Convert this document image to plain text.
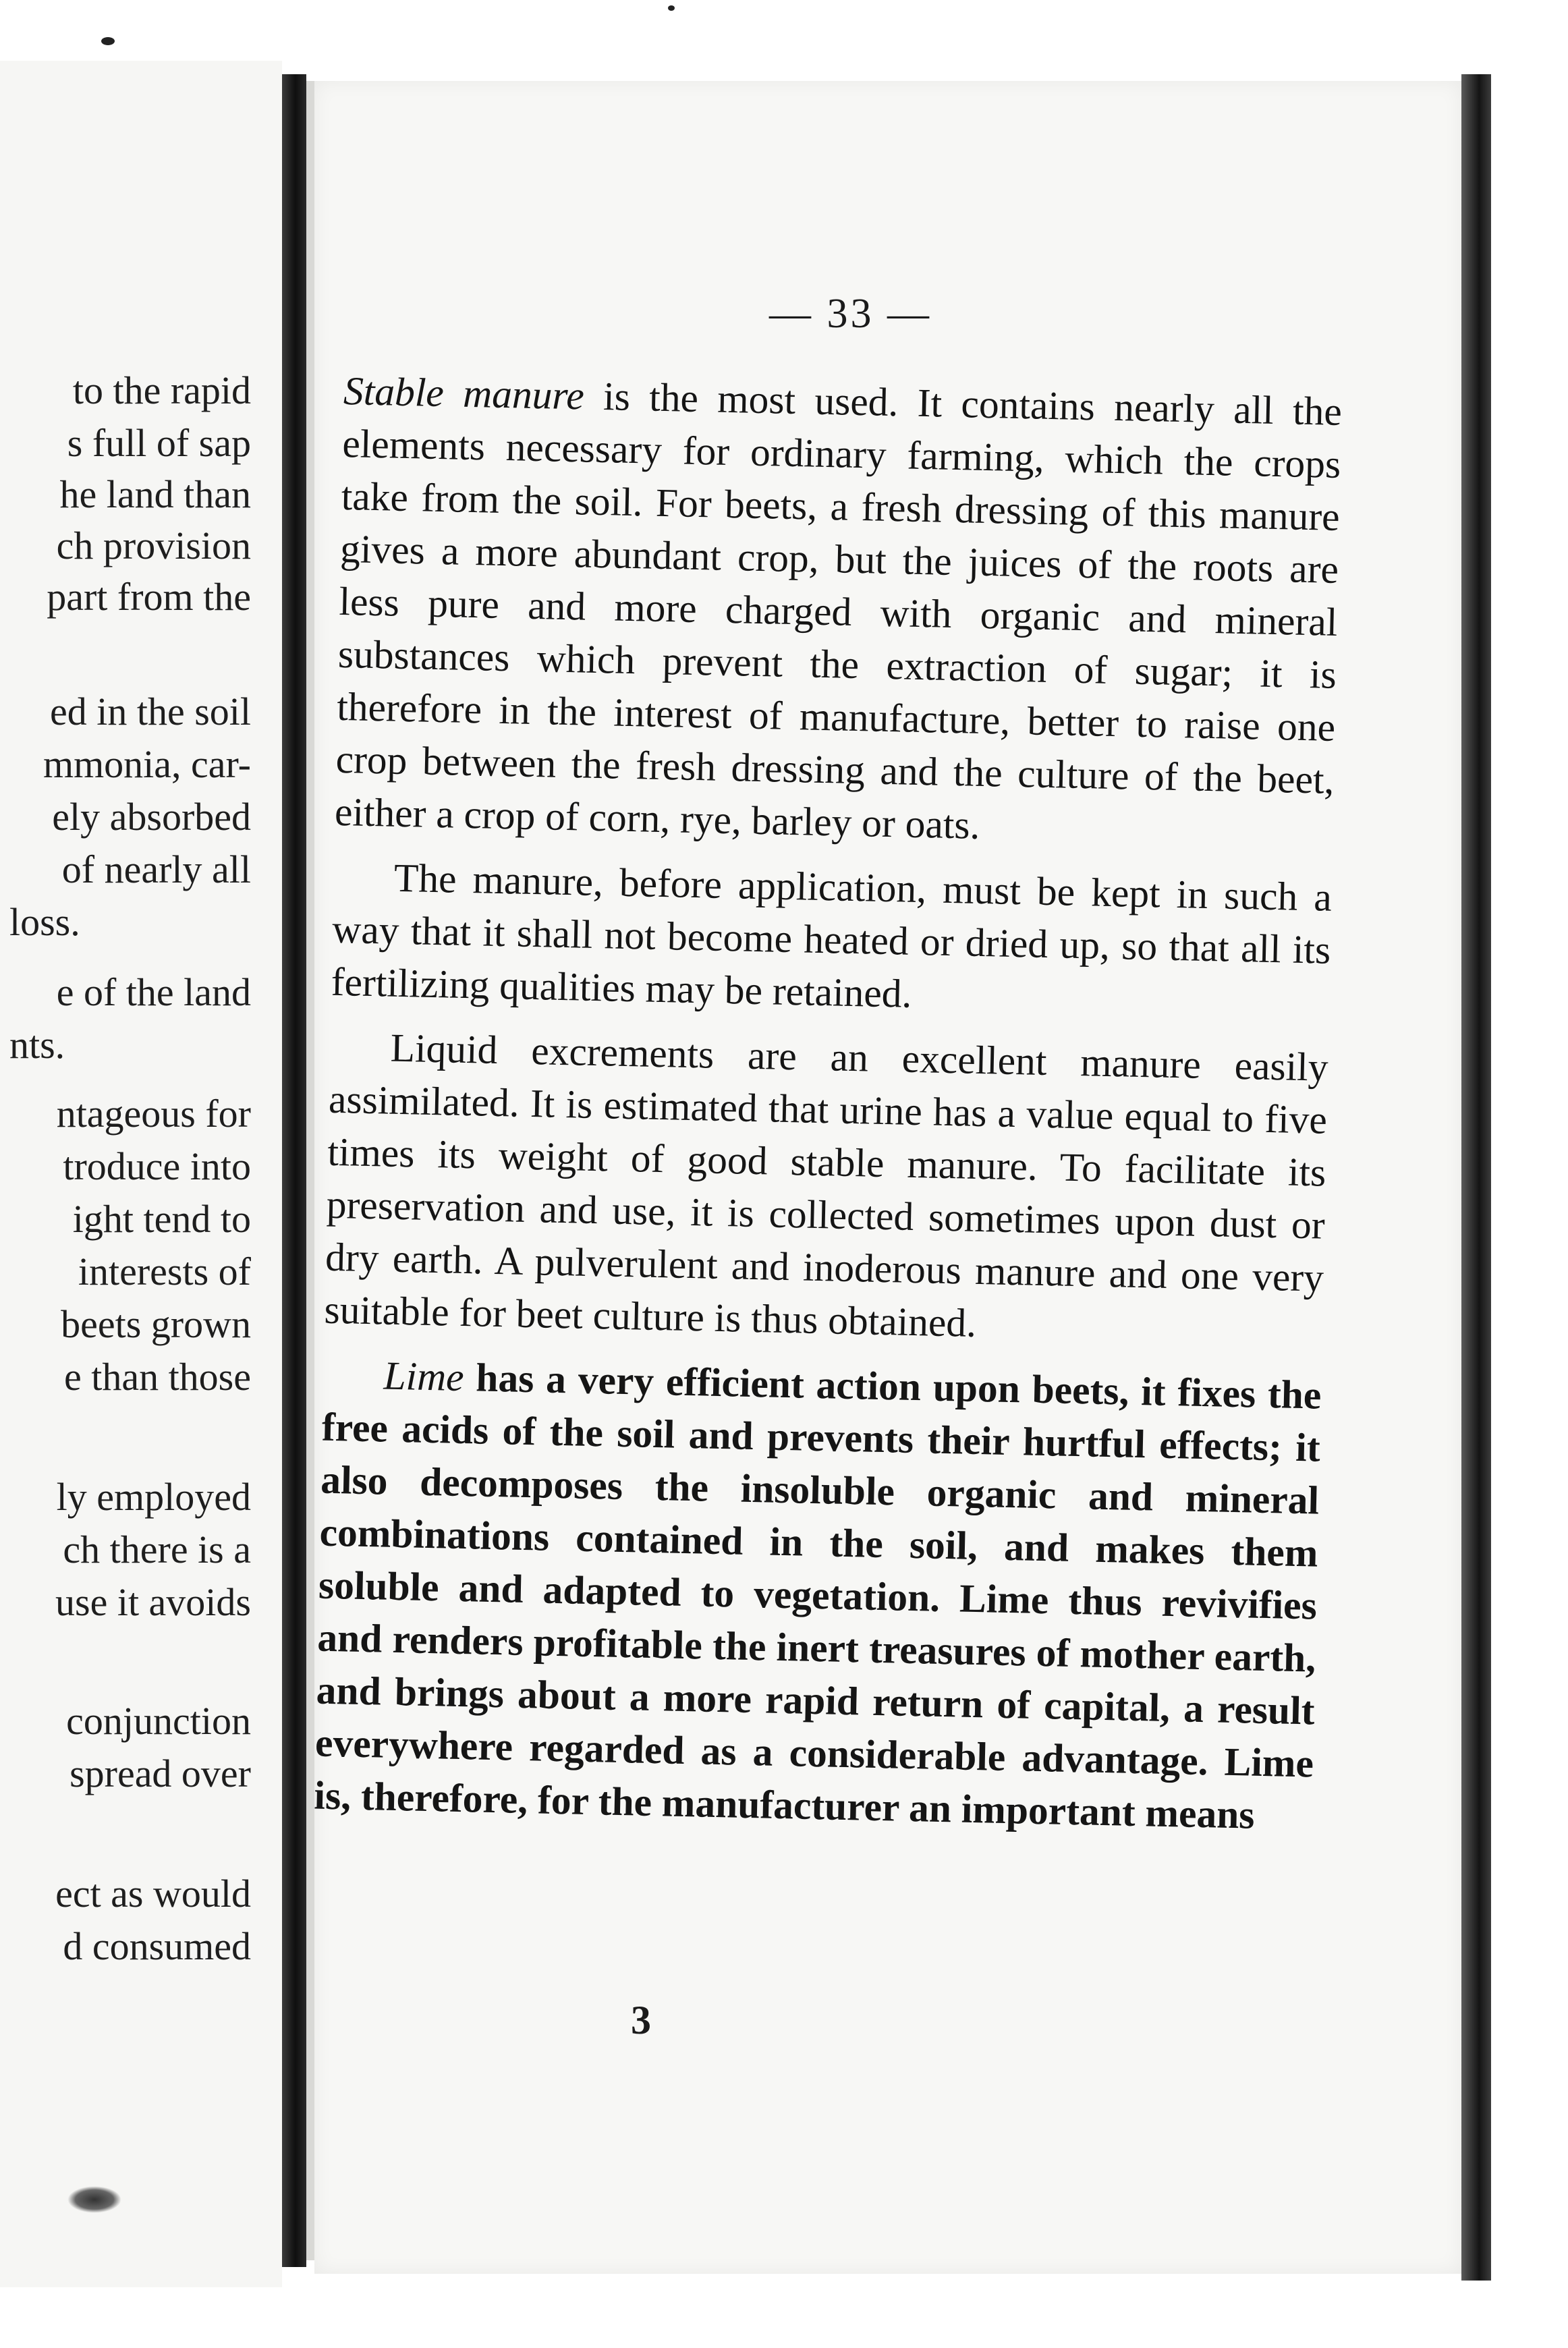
to the rapid
s full of sap
he land than
ch provision
part from the
ed in the soil
mmonia, car-
ely absorbed
of nearly all
loss.
e of the land
nts.
ntageous for
troduce into
ight tend to
interests of
beets grown
e than those
ly employed
ch there is a
use it avoids
conjunction
spread over
ect as would
d consumed
— 33 —

Stable manure is the most used. It contains nearly all the elements necessary for ordinary farming, which the crops take from the soil. For beets, a fresh dressing of this manure gives a more abundant crop, but the juices of the roots are less pure and more charged with organic and mineral substances which prevent the extraction of sugar; it is therefore in the interest of manufacture, better to raise one crop between the fresh dressing and the culture of the beet, either a crop of corn, rye, barley or oats.

The manure, before application, must be kept in such a way that it shall not become heated or dried up, so that all its fertilizing qualities may be retained.

Liquid excrements are an excellent manure easily assimilated. It is estimated that urine has a value equal to five times its weight of good stable manure. To facilitate its preservation and use, it is collected sometimes upon dust or dry earth. A pulverulent and inoderous manure and one very suitable for beet culture is thus obtained.

Lime has a very efficient action upon beets, it fixes the free acids of the soil and prevents their hurtful effects; it also decomposes the insoluble organic and mineral combinations contained in the soil, and makes them soluble and adapted to vegetation. Lime thus revivifies and renders profitable the inert treasures of mother earth, and brings about a more rapid return of capital, a result everywhere regarded as a considerable advantage. Lime is, therefore, for the manufacturer an important means

3
